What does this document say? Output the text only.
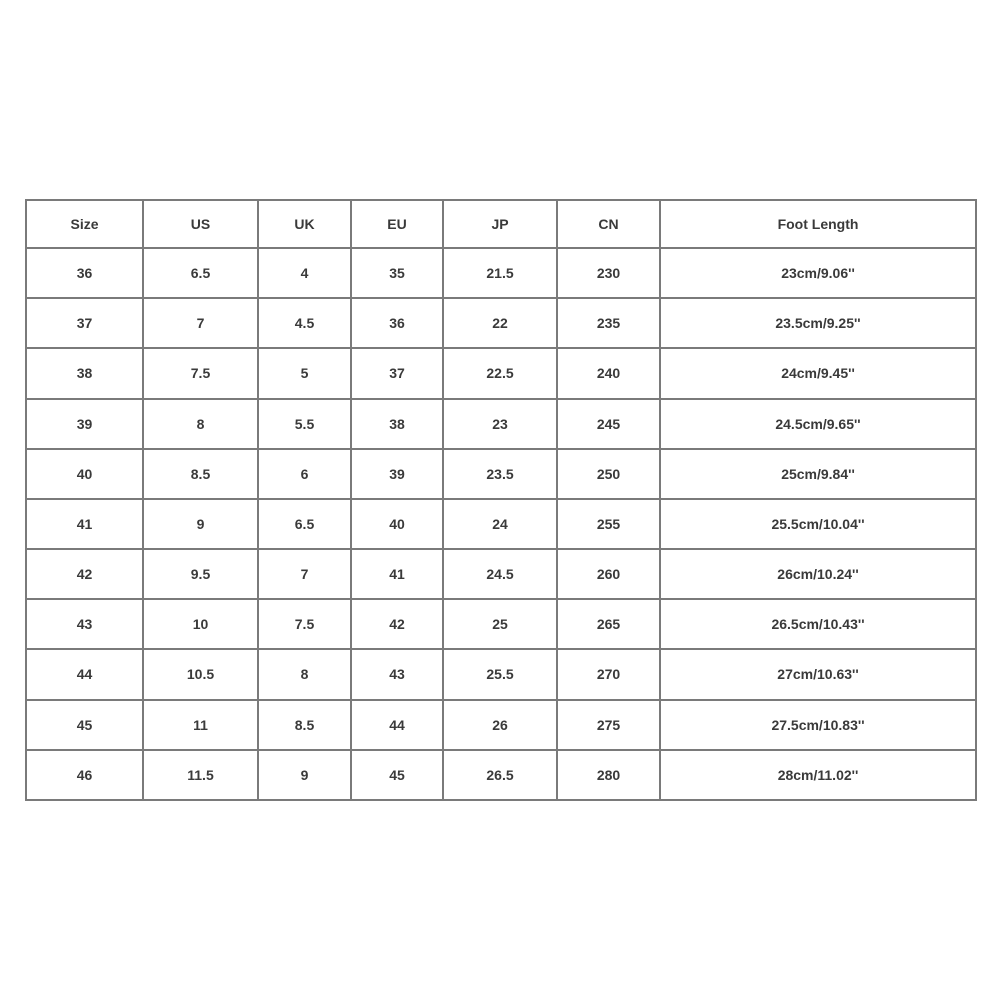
Size	US	UK	EU	JP	CN	Foot Length
36	6.5	4	35	21.5	230	23cm/9.06''
37	7	4.5	36	22	235	23.5cm/9.25''
38	7.5	5	37	22.5	240	24cm/9.45''
39	8	5.5	38	23	245	24.5cm/9.65''
40	8.5	6	39	23.5	250	25cm/9.84''
41	9	6.5	40	24	255	25.5cm/10.04''
42	9.5	7	41	24.5	260	26cm/10.24''
43	10	7.5	42	25	265	26.5cm/10.43''
44	10.5	8	43	25.5	270	27cm/10.63''
45	11	8.5	44	26	275	27.5cm/10.83''
46	11.5	9	45	26.5	280	28cm/11.02''
